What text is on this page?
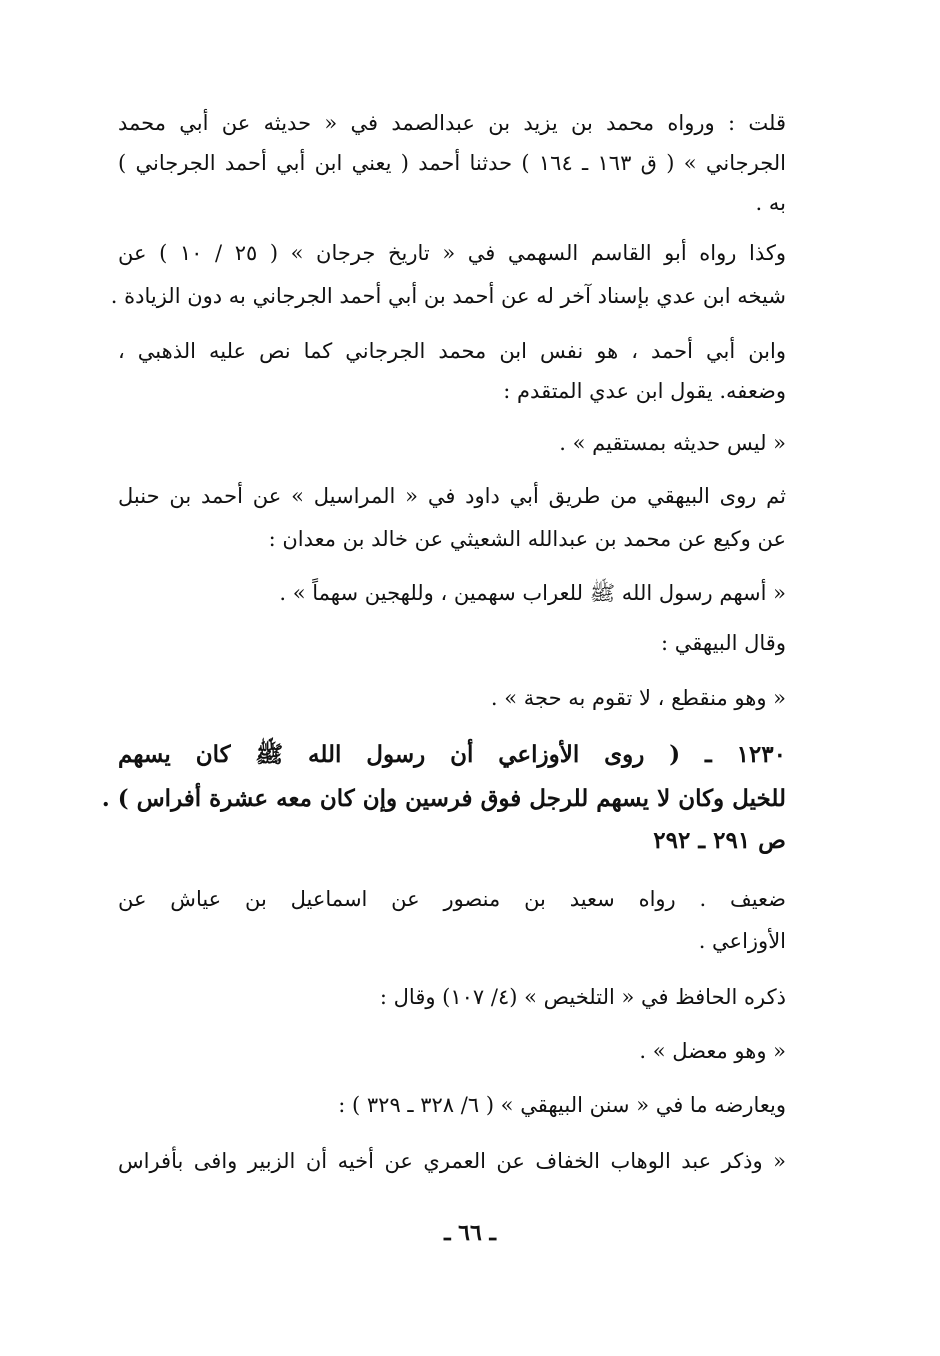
قلت : ورواه محمد بن يزيد بن عبدالصمد في « حديثه عن أبي محمد
الجرجاني » ( ق ١٦٣ ـ ١٦٤ ) حدثنا أحمد ( يعني ابن أبي أحمد الجرجاني )
به .
وكذا رواه أبو القاسم السهمي في « تاريخ جرجان » ( ٢٥ / ١٠ ) عن
شيخه ابن عدي بإسناد آخر له عن أحمد بن أبي أحمد الجرجاني به دون الزيادة .
وابن أبي أحمد ، هو نفس ابن محمد الجرجاني كما نص عليه الذهبي ،
وضعفه. يقول ابن عدي المتقدم :
« ليس حديثه بمستقيم » .
ثم روى البيهقي من طريق أبي داود في « المراسيل » عن أحمد بن حنبل
عن وكيع عن محمد بن عبدالله الشعيثي عن خالد بن معدان :
« أسهم رسول الله ﷺ للعراب سهمين ، وللهجين سهماً » .
وقال البيهقي :
« وهو منقطع ، لا تقوم به حجة » .
١٢٣٠ ـ ( روى الأوزاعي أن رسول الله ﷺ كان يسهم
للخيل وكان لا يسهم للرجل فوق فرسين وإن كان معه عشرة أفراس ) .
ص ٢٩١ ـ ٢٩٢
ضعيف . رواه سعيد بن منصور عن اسماعيل بن عياش عن
الأوزاعي .
ذكره الحافظ في « التلخيص » (٤/ ١٠٧) وقال :
« وهو معضل » .
ويعارضه ما في « سنن البيهقي » ( ٦/ ٣٢٨ ـ ٣٢٩ ) :
« وذكر عبد الوهاب الخفاف عن العمري عن أخيه أن الزبير وافى بأفراس
ـ ٦٦ ـ
